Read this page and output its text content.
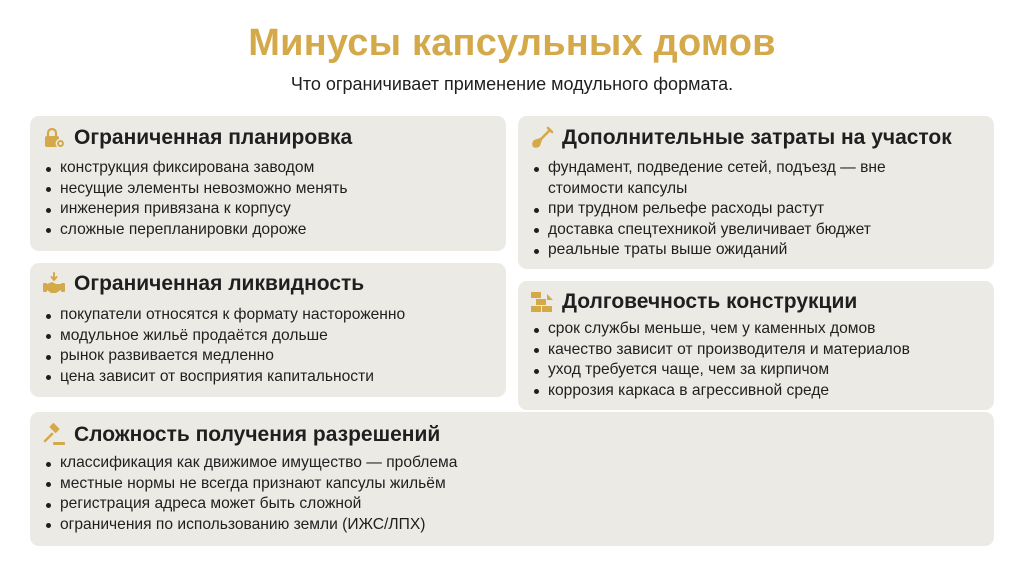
Минусы капсульных домов
Что ограничивает применение модульного формата.
Ограниченная планировка
конструкция фиксирована заводом
несущие элементы невозможно менять
инженерия привязана к корпусу
сложные перепланировки дороже
Дополнительные затраты на участок
фундамент, подведение сетей, подъезд — вне
стоимости капсулы
при трудном рельефе расходы растут
доставка спецтехникой увеличивает бюджет
реальные траты выше ожиданий
Ограниченная ликвидность
покупатели относятся к формату настороженно
модульное жильё продаётся дольше
рынок развивается медленно
цена зависит от восприятия капитальности
Долговечность конструкции
срок службы меньше, чем у каменных домов
качество зависит от производителя и материалов
уход требуется чаще, чем за кирпичом
коррозия каркаса в агрессивной среде
Сложность получения разрешений
классификация как движимое имущество — проблема
местные нормы не всегда признают капсулы жильём
регистрация адреса может быть сложной
ограничения по использованию земли (ИЖС/ЛПХ)
